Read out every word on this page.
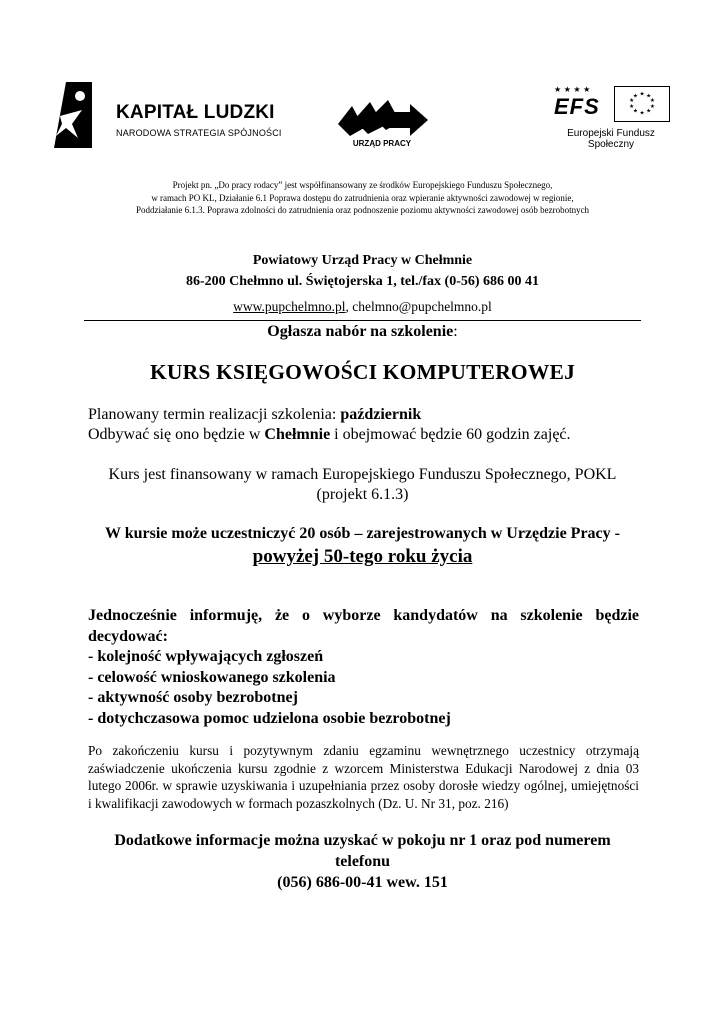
KAPITAŁ LUDZKI
NARODOWA STRATEGIA SPÓJNOŚCI
URZĄD PRACY
★ ★ ★ ★
EFS	★ ★
★
★
★
★
★
★
★
★
Europejski Fundusz Społeczny
Projekt pn. „Do pracy rodacy” jest współfinansowany ze środków Europejskiego Funduszu Społecznego,
w ramach PO KL, Działanie 6.1 Poprawa dostępu do zatrudnienia oraz wpieranie aktywności zawodowej w regionie,
Poddziałanie 6.1.3. Poprawa zdolności do zatrudnienia oraz podnoszenie poziomu aktywności zawodowej osób bezrobotnych
Powiatowy Urząd Pracy w Chełmnie
86-200 Chełmno ul. Świętojerska 1, tel./fax (0-56) 686 00 41
www.pupchelmno.pl, chelmno@pupchelmno.pl
Ogłasza nabór na szkolenie:
KURS KSIĘGOWOŚCI KOMPUTEROWEJ
Planowany termin realizacji szkolenia: październik
Odbywać się ono będzie w Chełmnie i obejmować będzie 60 godzin zajęć.
Kurs jest finansowany w ramach Europejskiego Funduszu Społecznego, POKL
(projekt 6.1.3)
W kursie może uczestniczyć 20 osób – zarejestrowanych w Urzędzie Pracy -
powyżej 50-tego roku życia
Jednocześnie informuję, że o wyborze kandydatów na szkolenie będzie decydować:
- kolejność wpływających zgłoszeń
- celowość wnioskowanego szkolenia
- aktywność osoby bezrobotnej
- dotychczasowa pomoc udzielona osobie bezrobotnej
Po zakończeniu kursu i pozytywnym zdaniu egzaminu wewnętrznego uczestnicy otrzymają zaświadczenie ukończenia kursu zgodnie z wzorcem Ministerstwa Edukacji Narodowej z dnia 03 lutego 2006r. w sprawie uzyskiwania i uzupełniania przez osoby dorosłe wiedzy ogólnej, umiejętności i kwalifikacji zawodowych w formach pozaszkolnych (Dz. U. Nr 31, poz. 216)
Dodatkowe informacje można uzyskać w pokoju nr 1 oraz pod numerem
telefonu
(056) 686-00-41 wew. 151
